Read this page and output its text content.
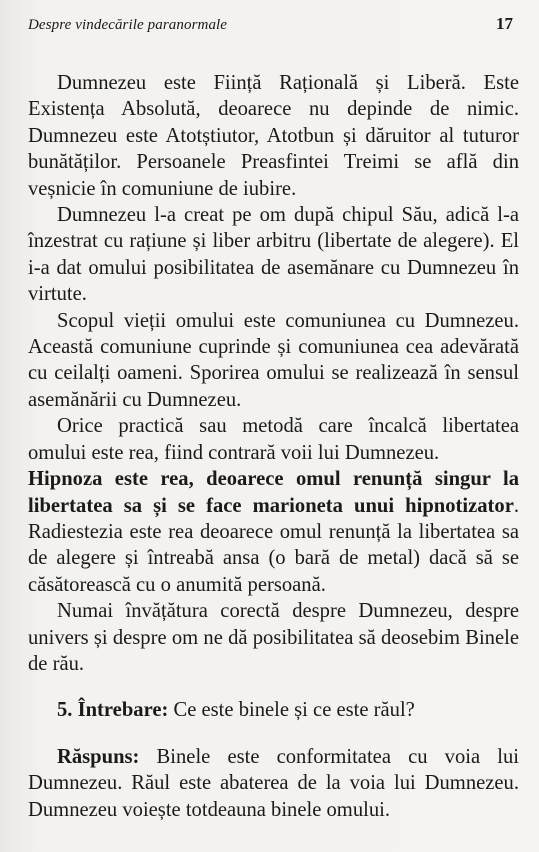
Despre vindecările paranormale	17

Dumnezeu este Ființă Rațională și Liberă. Este Existența Absolută, deoarece nu depinde de nimic. Dumnezeu este Atotștiutor, Atotbun și dăruitor al tuturor bunătăților. Persoanele Preasfintei Treimi se află din veșnicie în comuniune de iubire.

Dumnezeu l-a creat pe om după chipul Său, adică l-a înzestrat cu rațiune și liber arbitru (libertate de alegere). El i-a dat omului posibilitatea de asemănare cu Dumnezeu în virtute.

Scopul vieții omului este comuniunea cu Dumnezeu. Această comuniune cuprinde și comuniunea cea adevărată cu ceilalți oameni. Sporirea omului se realizează în sensul asemănării cu Dumnezeu.

Orice practică sau metodă care încalcă libertatea omului este rea, fiind contrară voii lui Dumnezeu.

Hipnoza este rea, deoarece omul renunță singur la libertatea sa și se face marioneta unui hipnotizator. Radiestezia este rea deoarece omul renunță la libertatea sa de alegere și întreabă ansa (o bară de metal) dacă să se căsătorească cu o anumită persoană.

Numai învățătura corectă despre Dumnezeu, despre univers și despre om ne dă posibilitatea să deosebim Binele de rău.

5. Întrebare: Ce este binele și ce este răul?

Răspuns: Binele este conformitatea cu voia lui Dumnezeu. Răul este abaterea de la voia lui Dumnezeu. Dumnezeu voiește totdeauna binele omului.
